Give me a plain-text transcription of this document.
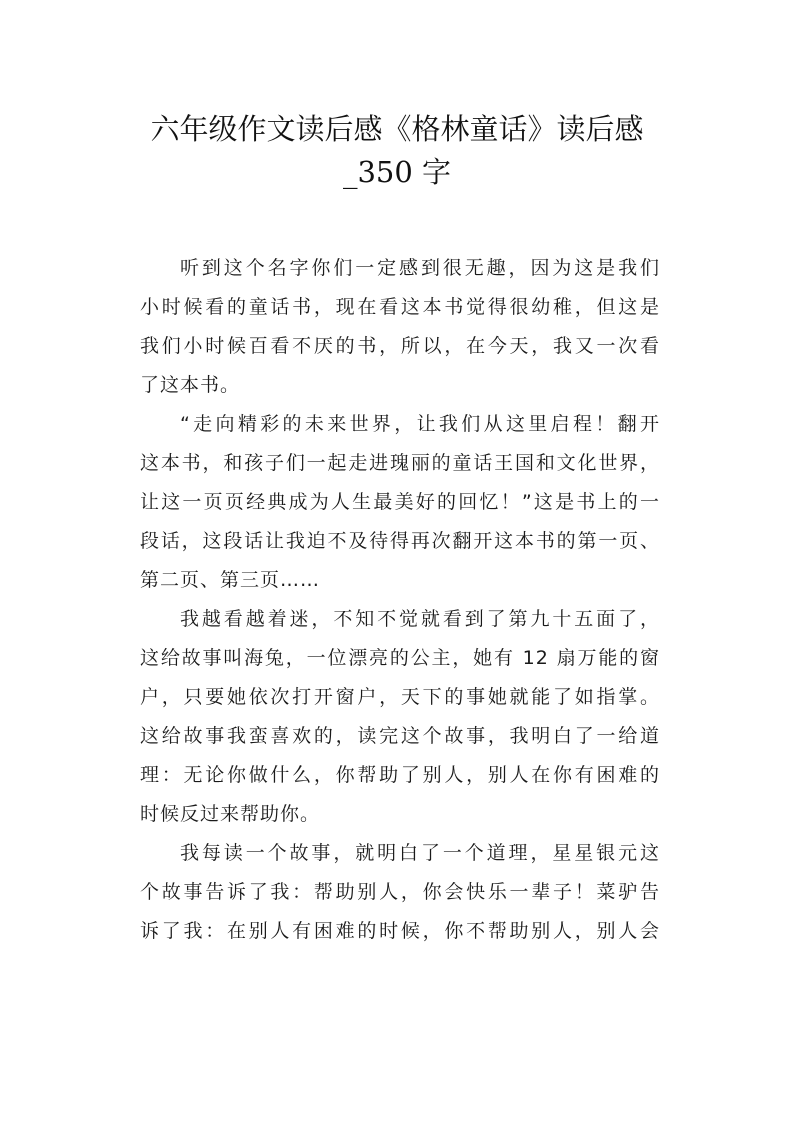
六年级作文读后感《格林童话》读后感
_350 字

听到这个名字你们一定感到很无趣，因为这是我们
小时候看的童话书，现在看这本书觉得很幼稚，但这是
我们小时候百看不厌的书，所以，在今天，我又一次看
了这本书。

“走向精彩的未来世界，让我们从这里启程！翻开
这本书，和孩子们一起走进瑰丽的童话王国和文化世界，
让这一页页经典成为人生最美好的回忆！”这是书上的一
段话，这段话让我迫不及待得再次翻开这本书的第一页、
第二页、第三页……

我越看越着迷，不知不觉就看到了第九十五面了，
这给故事叫海兔，一位漂亮的公主，她有 12 扇万能的窗
户，只要她依次打开窗户，天下的事她就能了如指掌。
这给故事我蛮喜欢的，读完这个故事，我明白了一给道
理：无论你做什么，你帮助了别人，别人在你有困难的
时候反过来帮助你。

我每读一个故事，就明白了一个道理，星星银元这
个故事告诉了我：帮助别人，你会快乐一辈子！菜驴告
诉了我：在别人有困难的时候，你不帮助别人，别人会
